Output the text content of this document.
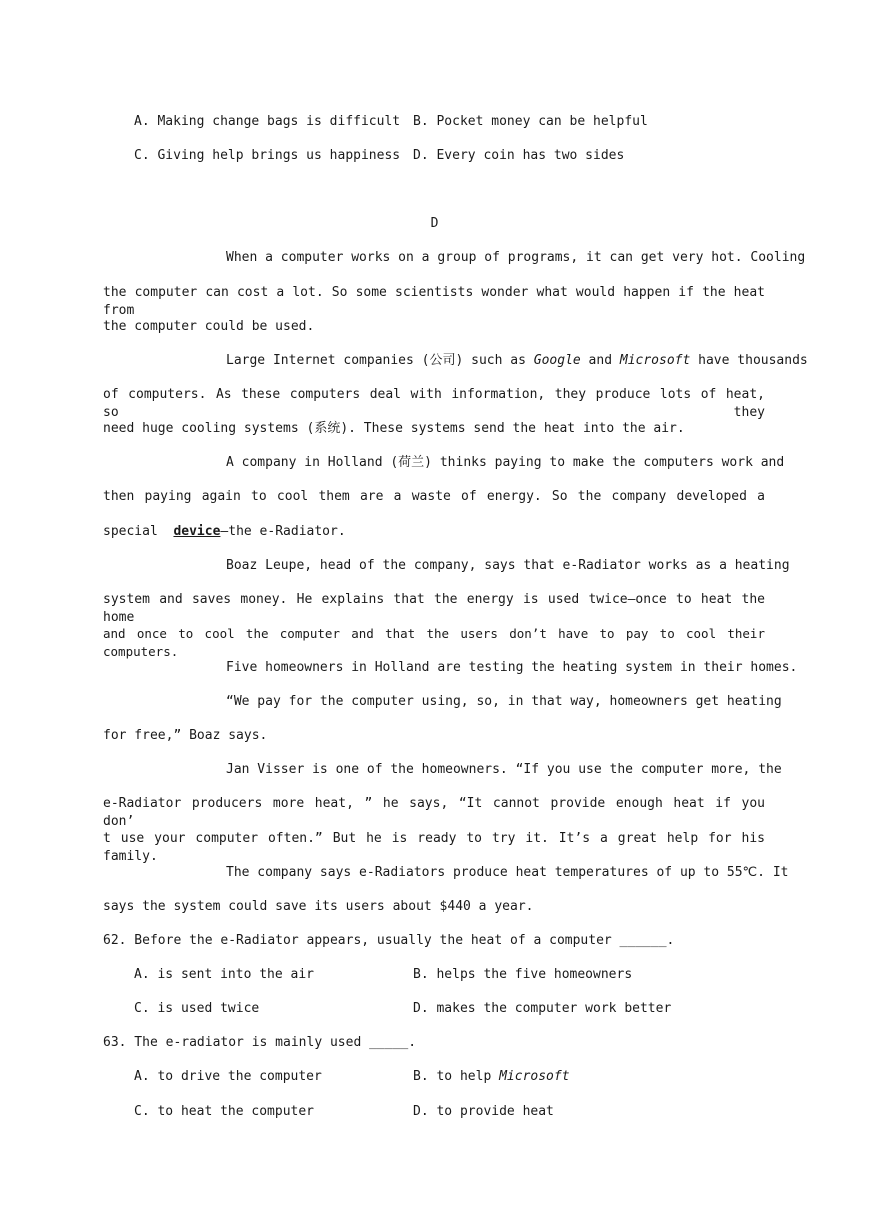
A. Making change bags is difficult B. Pocket money can be helpful
C. Giving help brings us happiness D. Every coin has two sides
D
When a computer works on a group of programs, it can get very hot. Cooling
the computer can cost a lot. So some scientists wonder what would happen if the heat from
the computer could be used.
Large Internet companies (公司) such as Google and Microsoft have thousands
of computers. As these computers deal with information, they produce lots of heat, so they
need huge cooling systems (系统). These systems send the heat into the air.
A company in Holland (荷兰) thinks paying to make the computers work and
then paying again to cool them are a waste of energy. So the company developed a
special  device—the e-Radiator.
Boaz Leupe, head of the company, says that e-Radiator works as a heating
system and saves money. He explains that the energy is used twice—once to heat the home
and once to cool the computer and that the users don’t have to pay to cool their computers.
Five homeowners in Holland are testing the heating system in their homes.
“We pay for the computer using, so, in that way, homeowners get heating
for free,” Boaz says.
Jan Visser is one of the homeowners. “If you use the computer more, the
e-Radiator producers more heat, ” he says, “It cannot provide enough heat if you don’
t use your computer often.” But he is ready to try it. It’s a great help for his family.
The company says e-Radiators produce heat temperatures of up to 55℃. It
says the system could save its users about $440 a year.
62. Before the e-Radiator appears, usually the heat of a computer ______.
A. is sent into the air	B. helps the five homeowners
C. is used twice	D. makes the computer work better
63. The e-radiator is mainly used _____.
A. to drive the computer	B. to help Microsoft
C. to heat the computer	D. to provide heat
